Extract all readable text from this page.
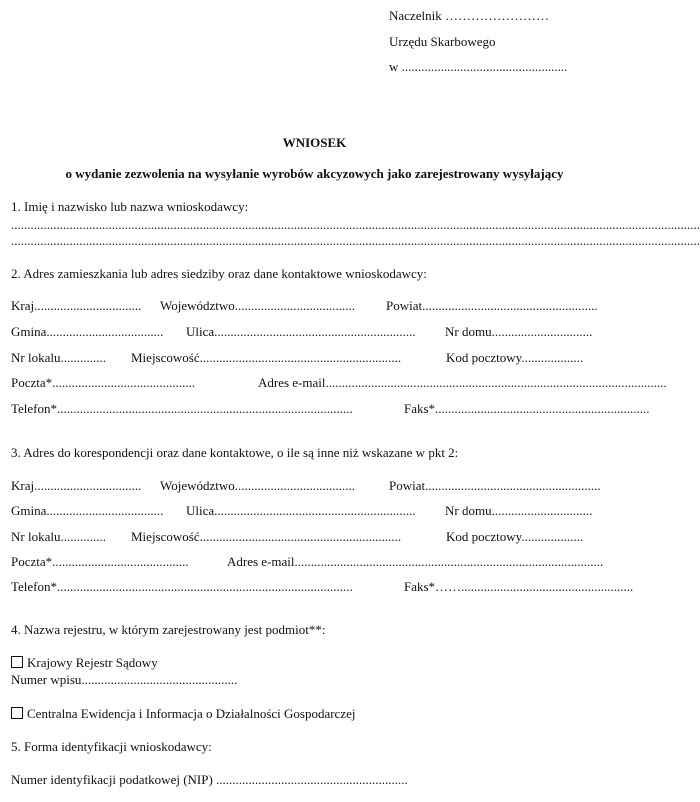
Naczelnik ……………………
Urzędu Skarbowego
w ...................................................
WNIOSEK
o wydanie zezwolenia na wysyłanie wyrobów akcyzowych jako zarejestrowany wysyłający
1. Imię i nazwisko lub nazwa wnioskodawcy:
....................................................................................................................................................................................................................
....................................................................................................................................................................................................................
2. Adres zamieszkania lub adres siedziby oraz dane kontaktowe wnioskodawcy:
Kraj.................................	Województwo.....................................	Powiat......................................................
Gmina....................................	Ulica..............................................................	Nr domu...............................
Nr lokalu..............	Miejscowość..............................................................	Kod pocztowy...................
Poczta*............................................	Adres e-mail.........................................................................................................
Telefon*...........................................................................................	Faks*..................................................................
3. Adres do korespondencji oraz dane kontaktowe, o ile są inne niż wskazane w pkt 2:
Kraj.................................	Województwo.....................................	Powiat......................................................
Gmina....................................	Ulica..............................................................	Nr domu...............................
Nr lokalu..............	Miejscowość..............................................................	Kod pocztowy...................
Poczta*..........................................	Adres e-mail...............................................................................................
Telefon*...........................................................................................	Faks*…….....................................................
4. Nazwa rejestru, w którym zarejestrowany jest podmiot**:
Krajowy Rejestr Sądowy
Numer wpisu................................................
Centralna Ewidencja i Informacja o Działalności Gospodarczej
5. Forma identyfikacji wnioskodawcy:
Numer identyfikacji podatkowej (NIP) ...........................................................
